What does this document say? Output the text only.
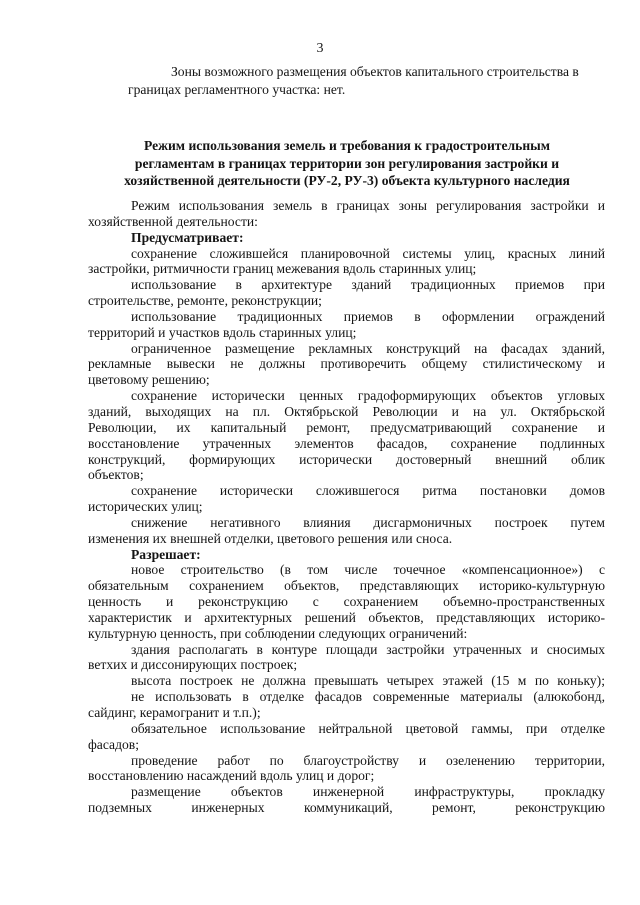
3

Зоны возможного размещения объектов капитального строительства в

границах регламентного участка: нет.

Режим использования земель и требования к градостроительным
регламентам в границах территории зон регулирования застройки и
хозяйственной деятельности (РУ-2, РУ-3) объекта культурного наследия
Режим использования земель в границах зоны регулирования застройки и
хозяйственной деятельности:
Предусматривает:
сохранение сложившейся планировочной системы улиц, красных линий
застройки, ритмичности границ межевания вдоль старинных улиц;
использование в архитектуре зданий традиционных приемов при
строительстве, ремонте, реконструкции;
использование традиционных приемов в оформлении ограждений
территорий и участков вдоль старинных улиц;
ограниченное размещение рекламных конструкций на фасадах зданий,
рекламные вывески не должны противоречить общему стилистическому и
цветовому решению;
сохранение исторически ценных градоформирующих объектов угловых
зданий, выходящих на пл. Октябрьской Революции и на ул. Октябрьской
Революции, их капитальный ремонт, предусматривающий сохранение и
восстановление утраченных элементов фасадов, сохранение подлинных
конструкций, формирующих исторически достоверный внешний облик
объектов;
сохранение исторически сложившегося ритма постановки домов
исторических улиц;
снижение негативного влияния дисгармоничных построек путем
изменения их внешней отделки, цветового решения или сноса.
Разрешает:
новое строительство (в том числе точечное «компенсационное») с
обязательным сохранением объектов, представляющих историко-культурную
ценность и реконструкцию с сохранением объемно-пространственных
характеристик и архитектурных решений объектов, представляющих историко-
культурную ценность, при соблюдении следующих ограничений:
здания располагать в контуре площади застройки утраченных и сносимых
ветхих и диссонирующих построек;
высота построек не должна превышать четырех этажей (15 м по коньку);
не использовать в отделке фасадов современные материалы (алюкобонд,
сайдинг, керамогранит и т.п.);
обязательное использование нейтральной цветовой гаммы, при отделке
фасадов;
проведение работ по благоустройству и озеленению территории,
восстановлению насаждений вдоль улиц и дорог;
размещение объектов инженерной инфраструктуры, прокладку
подземных инженерных коммуникаций, ремонт, реконструкцию
